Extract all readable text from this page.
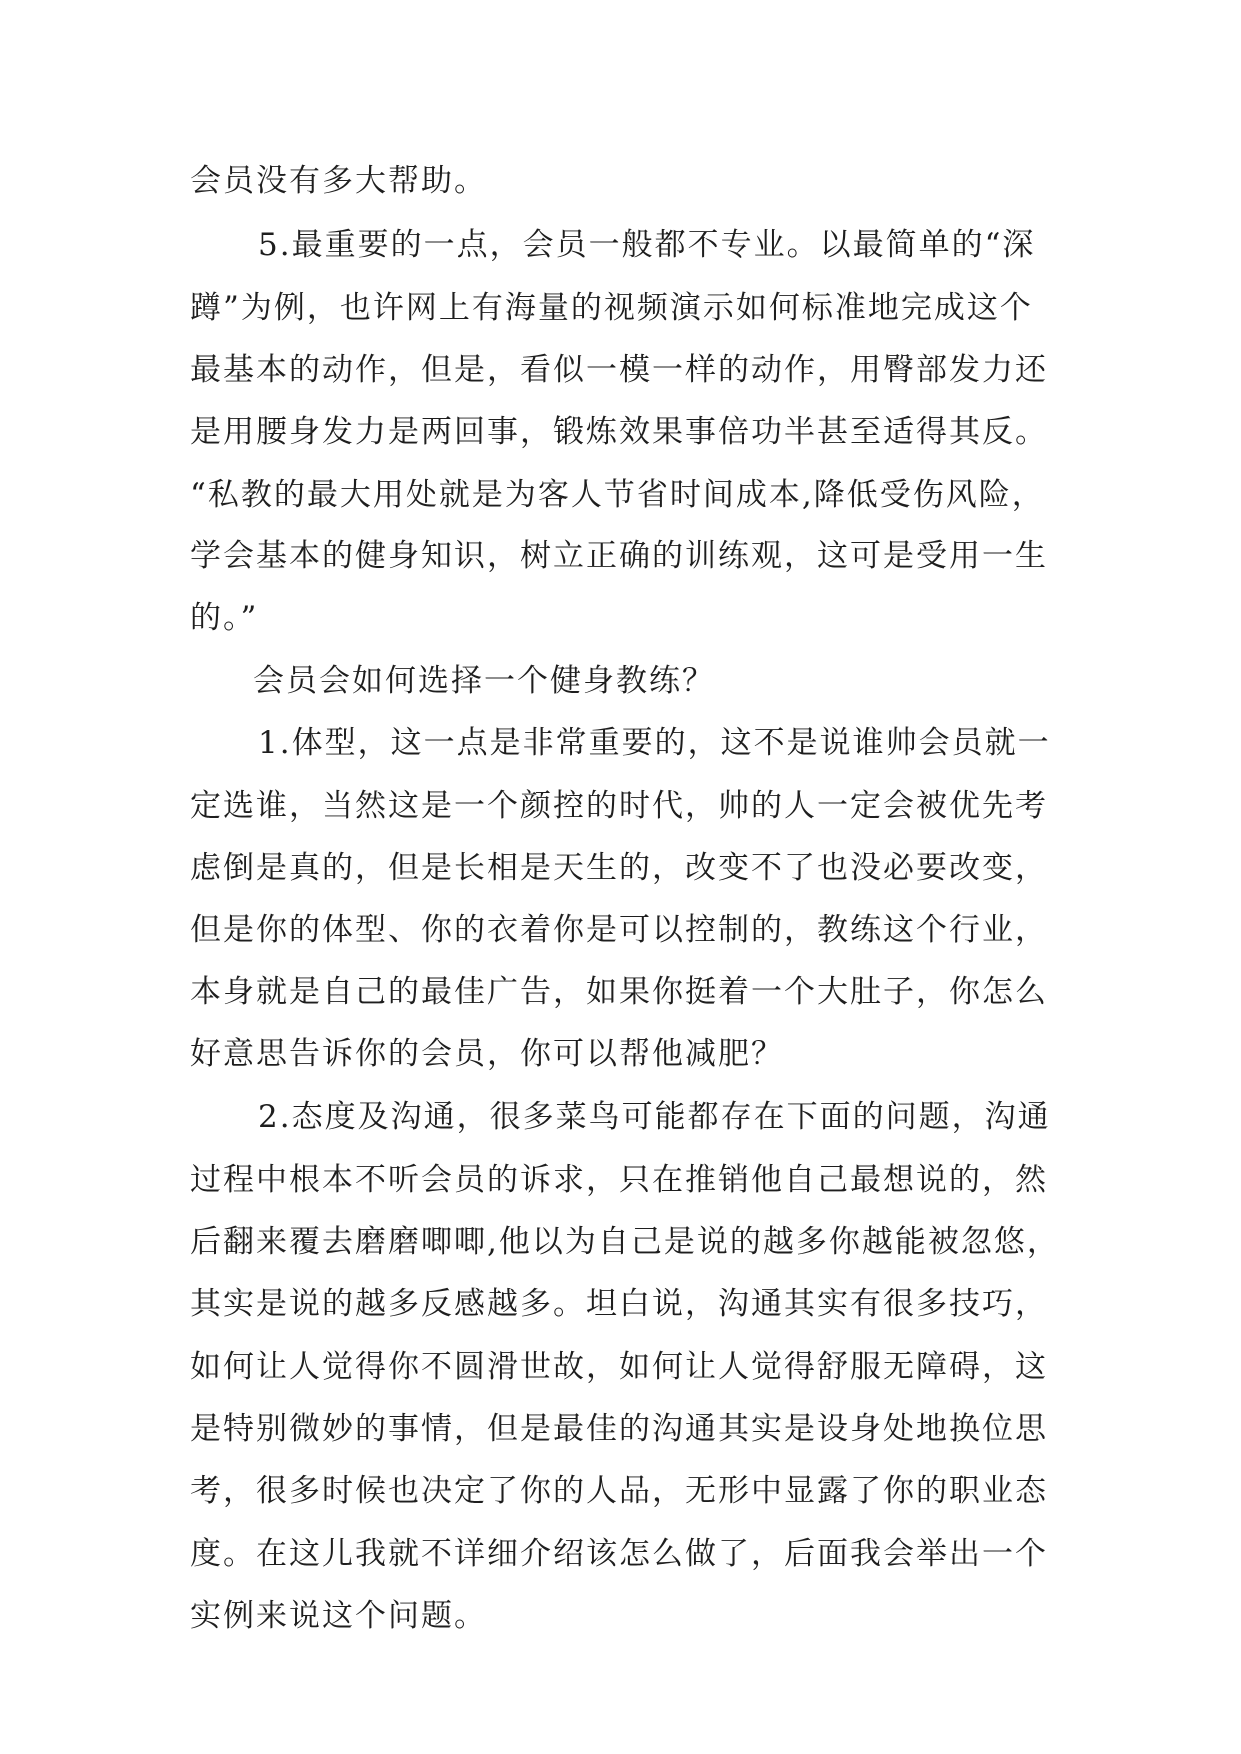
会员没有多大帮助。
5.最重要的一点，会员一般都不专业。以最简单的“深
蹲”为例，也许网上有海量的视频演示如何标准地完成这个
最基本的动作，但是，看似一模一样的动作，用臀部发力还
是用腰身发力是两回事，锻炼效果事倍功半甚至适得其反。
“私教的最大用处就是为客人节省时间成本,降低受伤风险，
学会基本的健身知识，树立正确的训练观，这可是受用一生
的。”
会员会如何选择一个健身教练？
1.体型，这一点是非常重要的，这不是说谁帅会员就一
定选谁，当然这是一个颜控的时代，帅的人一定会被优先考
虑倒是真的，但是长相是天生的，改变不了也没必要改变，
但是你的体型、你的衣着你是可以控制的，教练这个行业，
本身就是自己的最佳广告，如果你挺着一个大肚子，你怎么
好意思告诉你的会员，你可以帮他减肥？
2.态度及沟通，很多菜鸟可能都存在下面的问题，沟通
过程中根本不听会员的诉求，只在推销他自己最想说的，然
后翻来覆去磨磨唧唧,他以为自己是说的越多你越能被忽悠，
其实是说的越多反感越多。坦白说，沟通其实有很多技巧，
如何让人觉得你不圆滑世故，如何让人觉得舒服无障碍，这
是特别微妙的事情，但是最佳的沟通其实是设身处地换位思
考，很多时候也决定了你的人品，无形中显露了你的职业态
度。在这儿我就不详细介绍该怎么做了，后面我会举出一个
实例来说这个问题。
